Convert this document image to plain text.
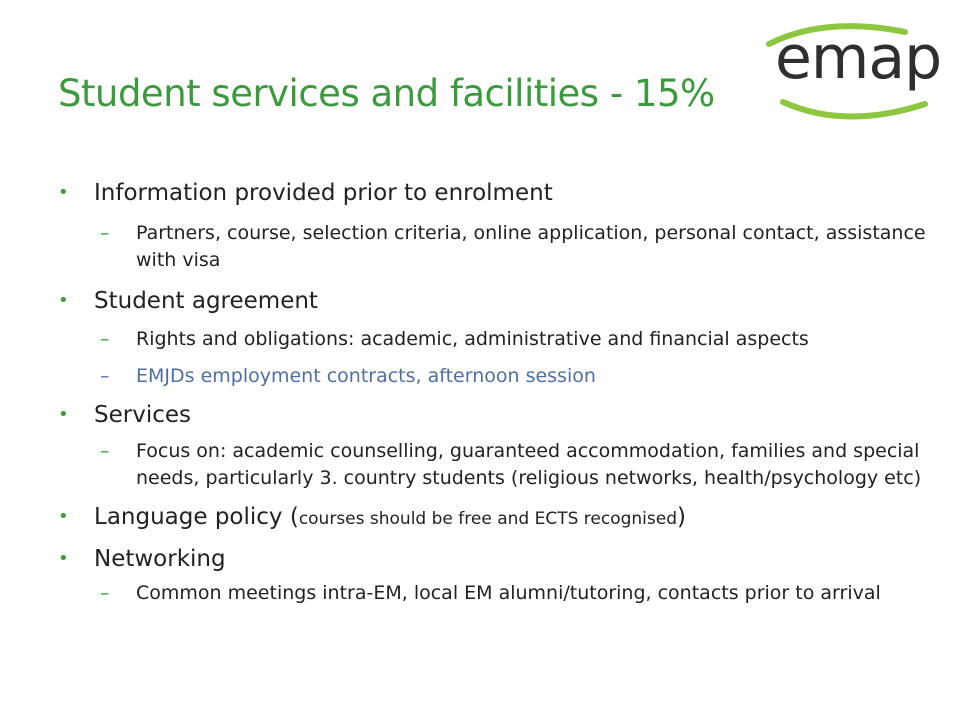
Student services and facilities - 15%
emap
• Information provided prior to enrolment
– Partners, course, selection criteria, online application, personal contact, assistance with visa
• Student agreement
– Rights and obligations: academic, administrative and financial aspects
– EMJDs employment contracts, afternoon session
• Services
– Focus on: academic counselling, guaranteed accommodation, families and special needs, particularly 3. country students (religious networks, health/psychology etc)
• Language policy (courses should be free and ECTS recognised)
• Networking
– Common meetings intra-EM, local EM alumni/tutoring, contacts prior to arrival
